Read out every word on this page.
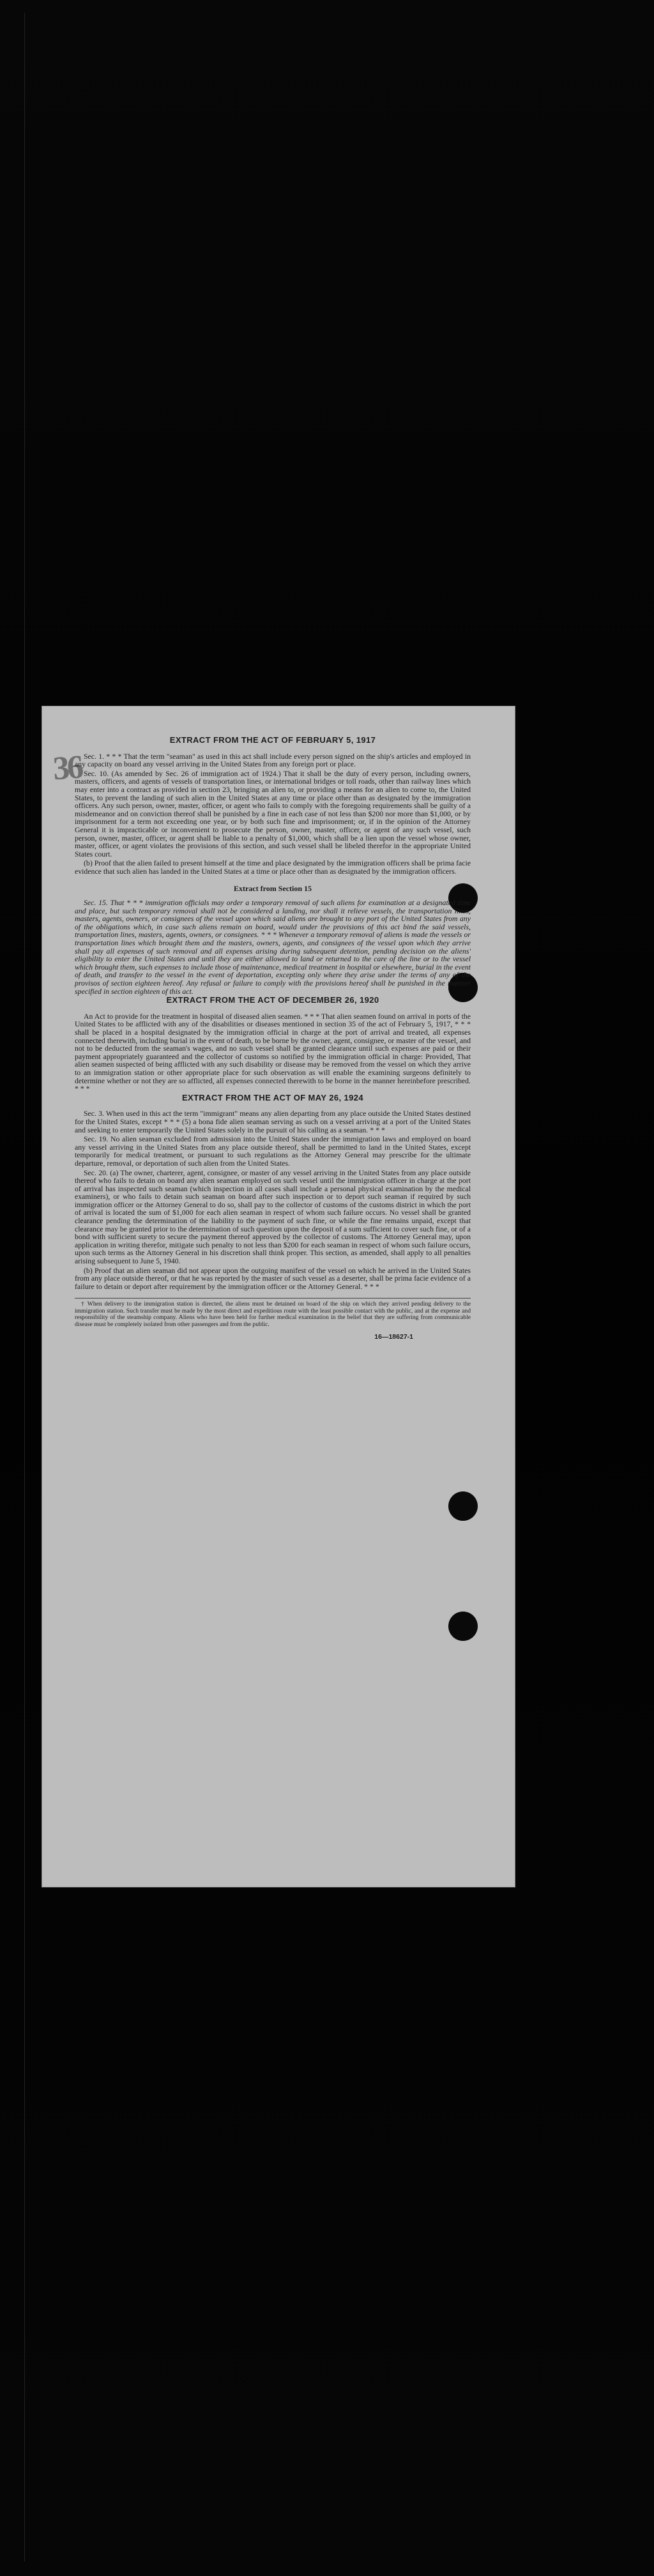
36
EXTRACT FROM THE ACT OF FEBRUARY 5, 1917

Sec. 1. * * * That the term "seaman" as used in this act shall include every person signed on the ship's articles and employed in any capacity on board any vessel arriving in the United States from any foreign port or place.

Sec. 10. (As amended by Sec. 26 of immigration act of 1924.) That it shall be the duty of every person, including owners, masters, officers, and agents of vessels of transportation lines, or international bridges or toll roads, other than railway lines which may enter into a contract as provided in section 23, bringing an alien to, or providing a means for an alien to come to, the United States, to prevent the landing of such alien in the United States at any time or place other than as designated by the immigration officers. Any such person, owner, master, officer, or agent who fails to comply with the foregoing requirements shall be guilty of a misdemeanor and on conviction thereof shall be punished by a fine in each case of not less than $200 nor more than $1,000, or by imprisonment for a term not exceeding one year, or by both such fine and imprisonment; or, if in the opinion of the Attorney General it is impracticable or inconvenient to prosecute the person, owner, master, officer, or agent of any such vessel, such person, owner, master, officer, or agent shall be liable to a penalty of $1,000, which shall be a lien upon the vessel whose owner, master, officer, or agent violates the provisions of this section, and such vessel shall be libeled therefor in the appropriate United States court.

(b) Proof that the alien failed to present himself at the time and place designated by the immigration officers shall be prima facie evidence that such alien has landed in the United States at a time or place other than as designated by the immigration officers.

Extract from Section 15

Sec. 15. That * * * immigration officials may order a temporary removal of such aliens for examination at a designated time and place, but such temporary removal shall not be considered a landing, nor shall it relieve vessels, the transportation lines, masters, agents, owners, or consignees of the vessel upon which said aliens are brought to any port of the United States from any of the obligations which, in case such aliens remain on board, would under the provisions of this act bind the said vessels, transportation lines, masters, agents, owners, or consignees. * * * Whenever a temporary removal of aliens is made the vessels or transportation lines which brought them and the masters, owners, agents, and consignees of the vessel upon which they arrive shall pay all expenses of such removal and all expenses arising during subsequent detention, pending decision on the aliens' eligibility to enter the United States and until they are either allowed to land or returned to the care of the line or to the vessel which brought them, such expenses to include those of maintenance, medical treatment in hospital or elsewhere, burial in the event of death, and transfer to the vessel in the event of deportation, excepting only where they arise under the terms of any of the provisos of section eighteen hereof. Any refusal or failure to comply with the provisions hereof shall be punished in the manner specified in section eighteen of this act.

EXTRACT FROM THE ACT OF DECEMBER 26, 1920

An Act to provide for the treatment in hospital of diseased alien seamen. * * * That alien seamen found on arrival in ports of the United States to be afflicted with any of the disabilities or diseases mentioned in section 35 of the act of February 5, 1917, * * * shall be placed in a hospital designated by the immigration official in charge at the port of arrival and treated, all expenses connected therewith, including burial in the event of death, to be borne by the owner, agent, consignee, or master of the vessel, and not to be deducted from the seaman's wages, and no such vessel shall be granted clearance until such expenses are paid or their payment appropriately guaranteed and the collector of customs so notified by the immigration official in charge: Provided, That alien seamen suspected of being afflicted with any such disability or disease may be removed from the vessel on which they arrive to an immigration station or other appropriate place for such observation as will enable the examining surgeons definitely to determine whether or not they are so afflicted, all expenses connected therewith to be borne in the manner hereinbefore prescribed. * * *

EXTRACT FROM THE ACT OF MAY 26, 1924

Sec. 3. When used in this act the term "immigrant" means any alien departing from any place outside the United States destined for the United States, except * * * (5) a bona fide alien seaman serving as such on a vessel arriving at a port of the United States and seeking to enter temporarily the United States solely in the pursuit of his calling as a seaman. * * *

Sec. 19. No alien seaman excluded from admission into the United States under the immigration laws and employed on board any vessel arriving in the United States from any place outside thereof, shall be permitted to land in the United States, except temporarily for medical treatment, or pursuant to such regulations as the Attorney General may prescribe for the ultimate departure, removal, or deportation of such alien from the United States.

Sec. 20. (a) The owner, charterer, agent, consignee, or master of any vessel arriving in the United States from any place outside thereof who fails to detain on board any alien seaman employed on such vessel until the immigration officer in charge at the port of arrival has inspected such seaman (which inspection in all cases shall include a personal physical examination by the medical examiners), or who fails to detain such seaman on board after such inspection or to deport such seaman if required by such immigration officer or the Attorney General to do so, shall pay to the collector of customs of the customs district in which the port of arrival is located the sum of $1,000 for each alien seaman in respect of whom such failure occurs. No vessel shall be granted clearance pending the determination of the liability to the payment of such fine, or while the fine remains unpaid, except that clearance may be granted prior to the determination of such question upon the deposit of a sum sufficient to cover such fine, or of a bond with sufficient surety to secure the payment thereof approved by the collector of customs. The Attorney General may, upon application in writing therefor, mitigate such penalty to not less than $200 for each seaman in respect of whom such failure occurs, upon such terms as the Attorney General in his discretion shall think proper. This section, as amended, shall apply to all penalties arising subsequent to June 5, 1940.

(b) Proof that an alien seaman did not appear upon the outgoing manifest of the vessel on which he arrived in the United States from any place outside thereof, or that he was reported by the master of such vessel as a deserter, shall be prima facie evidence of a failure to detain or deport after requirement by the immigration officer or the Attorney General. * * *

† When delivery to the immigration station is directed, the aliens must be detained on board of the ship on which they arrived pending delivery to the immigration station. Such transfer must be made by the most direct and expeditious route with the least possible contact with the public, and at the expense and responsibility of the steamship company. Aliens who have been held for further medical examination in the belief that they are suffering from communicable disease must be completely isolated from other passengers and from the public.

16—18627-1
